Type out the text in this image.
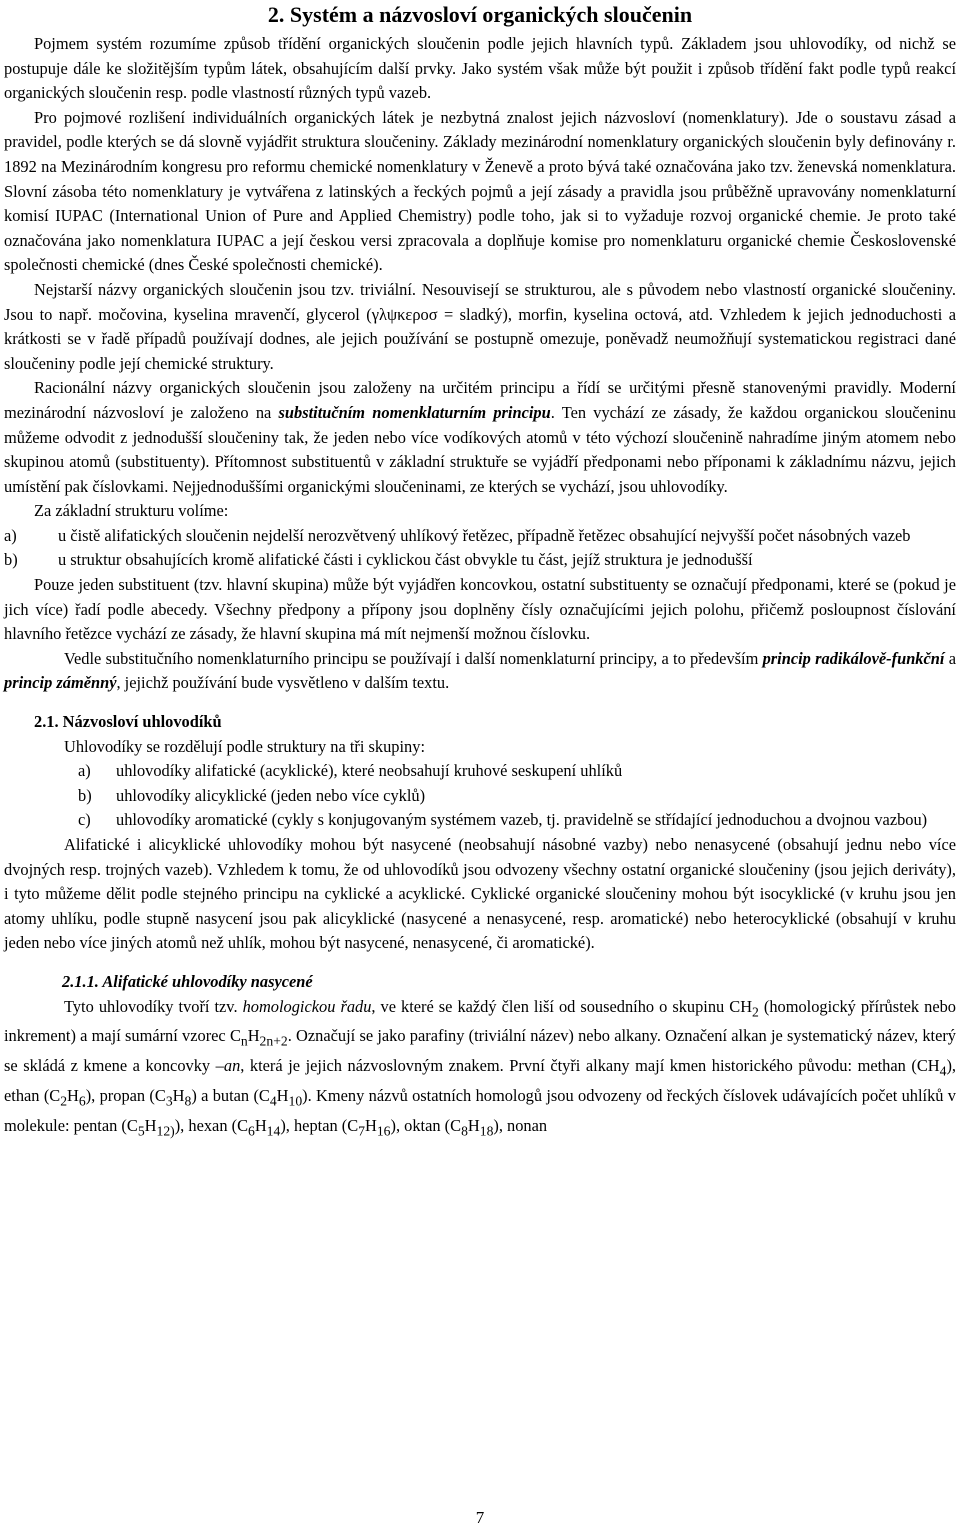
2. Systém a názvosloví organických sloučenin

Pojmem systém rozumíme způsob třídění organických sloučenin podle jejich hlavních typů. Základem jsou uhlovodíky, od nichž se postupuje dále ke složitějším typům látek, obsahujícím další prvky. Jako systém však může být použit i způsob třídění fakt podle typů reakcí organických sloučenin resp. podle vlastností různých typů vazeb.

Pro pojmové rozlišení individuálních organických látek je nezbytná znalost jejich názvosloví (nomenklatury). Jde o soustavu zásad a pravidel, podle kterých se dá slovně vyjádřit struktura sloučeniny. Základy mezinárodní nomenklatury organických sloučenin byly definovány r. 1892 na Mezinárodním kongresu pro reformu chemické nomenklatury v Ženevě a proto bývá také označována jako tzv. ženevská nomenklatura. Slovní zásoba této nomenklatury je vytvářena z latinských a řeckých pojmů a její zásady a pravidla jsou průběžně upravovány nomenklaturní komisí IUPAC (International Union of Pure and Applied Chemistry) podle toho, jak si to vyžaduje rozvoj organické chemie. Je proto také označována jako nomenklatura IUPAC a její českou versi zpracovala a doplňuje komise pro nomenklaturu organické chemie Československé společnosti chemické (dnes České společnosti chemické).

Nejstarší názvy organických sloučenin jsou tzv. triviální. Nesouvisejí se strukturou, ale s původem nebo vlastností organické sloučeniny. Jsou to např. močovina, kyselina mravenčí, glycerol (γλψκεροσ = sladký), morfin, kyselina octová, atd. Vzhledem k jejich jednoduchosti a krátkosti se v řadě případů používají dodnes, ale jejich používání se postupně omezuje, poněvadž neumožňují systematickou registraci dané sloučeniny podle její chemické struktury.

Racionální názvy organických sloučenin jsou založeny na určitém principu a řídí se určitými přesně stanovenými pravidly. Moderní mezinárodní názvosloví je založeno na substitučním nomenklaturním principu. Ten vychází ze zásady, že každou organickou sloučeninu můžeme odvodit z jednodušší sloučeniny tak, že jeden nebo více vodíkových atomů v této výchozí sloučenině nahradíme jiným atomem nebo skupinou atomů (substituenty). Přítomnost substituentů v základní struktuře se vyjádří předponami nebo příponami k základnímu názvu, jejich umístění pak číslovkami. Nejjednoduššími organickými sloučeninami, ze kterých se vychází, jsou uhlovodíky.

Za základní strukturu volíme:

a)	u čistě alifatických sloučenin nejdelší nerozvětvený uhlíkový řetězec, případně řetězec obsahující nejvyšší počet násobných vazeb
b) u struktur obsahujících kromě alifatické části i cyklickou část obvykle tu část, jejíž struktura je jednodušší

Pouze jeden substituent (tzv. hlavní skupina) může být vyjádřen koncovkou, ostatní substituenty se označují předponami, které se (pokud je jich více) řadí podle abecedy. Všechny předpony a přípony jsou doplněny čísly označujícími jejich polohu, přičemž posloupnost číslování hlavního řetězce vychází ze zásady, že hlavní skupina má mít nejmenší možnou číslovku.

Vedle substitučního nomenklaturního principu se používají i další nomenklaturní principy, a to především princip radikálově-funkční a princip záměnný, jejichž používání bude vysvětleno v dalším textu.

2.1. Názvosloví uhlovodíků

Uhlovodíky se rozdělují podle struktury na tři skupiny:

a) uhlovodíky alifatické (acyklické), které neobsahují kruhové seskupení uhlíků
b) uhlovodíky alicyklické (jeden nebo více cyklů)
c) uhlovodíky aromatické (cykly s konjugovaným systémem vazeb, tj. pravidelně se střídající jednoduchou a dvojnou vazbou)

Alifatické i alicyklické uhlovodíky mohou být nasycené (neobsahují násobné vazby) nebo nenasycené (obsahují jednu nebo více dvojných resp. trojných vazeb). Vzhledem k tomu, že od uhlovodíků jsou odvozeny všechny ostatní organické sloučeniny (jsou jejich deriváty), i tyto můžeme dělit podle stejného principu na cyklické a acyklické. Cyklické organické sloučeniny mohou být isocyklické (v kruhu jsou jen atomy uhlíku, podle stupně nasycení jsou pak alicyklické (nasycené a nenasycené, resp. aromatické) nebo heterocyklické (obsahují v kruhu jeden nebo více jiných atomů než uhlík, mohou být nasycené, nenasycené, či aromatické).

2.1.1. Alifatické uhlovodíky nasycené

Tyto uhlovodíky tvoří tzv. homologickou řadu, ve které se každý člen liší od sousedního o skupinu $CH_2$ (homologický přírůstek nebo inkrement) a mají sumární vzorec $C_nH_{2n+2}$. Označují se jako parafiny (triviální název) nebo alkany. Označení alkan je systematický název, který se skládá z kmene a koncovky –an, která je jejich názvoslovným znakem. První čtyři alkany mají kmen historického původu: methan $(CH_4)$, ethan $(C_2H_6)$, propan $(C_3H_8)$ a butan $(C_4H_{10})$. Kmeny názvů ostatních homologů jsou odvozeny od řeckých číslovek udávajících počet uhlíků v molekule: pentan $(C_5H_{12)})$, hexan $(C_6H_{14})$, heptan $(C_7H_{16})$, oktan $(C_8H_{18})$, nonan

7
